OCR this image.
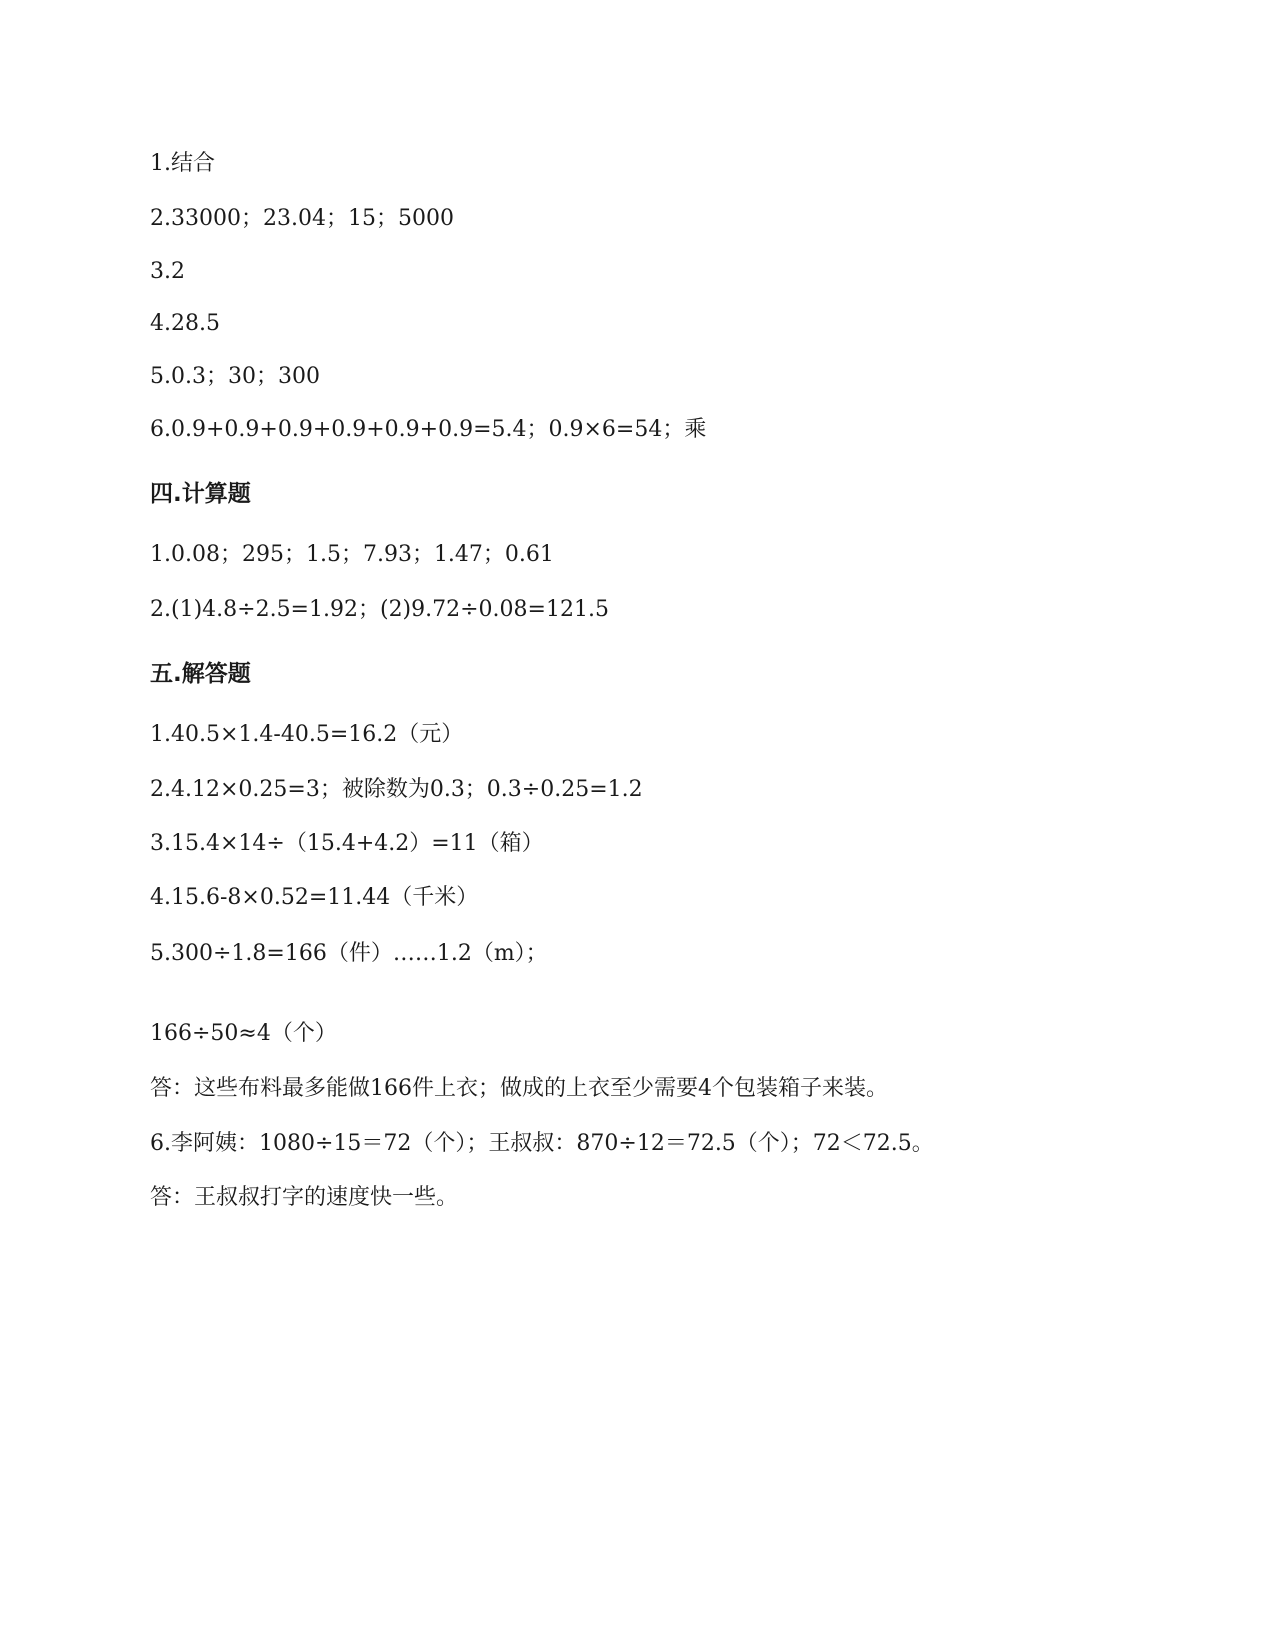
1.结合
2.33000；23.04；15；5000
3.2
4.28.5
5.0.3；30；300
6.0.9+0.9+0.9+0.9+0.9+0.9=5.4；0.9×6=54；乘
四.计算题
1.0.08；295；1.5；7.93；1.47；0.61
2.(1)4.8÷2.5=1.92；(2)9.72÷0.08=121.5
五.解答题
1.40.5×1.4-40.5=16.2（元）
2.4.12×0.25=3；被除数为0.3；0.3÷0.25=1.2
3.15.4×14÷（15.4+4.2）=11（箱）
4.15.6-8×0.52=11.44（千米）
5.300÷1.8=166（件）……1.2（m）；
166÷50≈4（个）
答：这些布料最多能做166件上衣；做成的上衣至少需要4个包装箱子来装。
6.李阿姨：1080÷15＝72（个）；王叔叔：870÷12＝72.5（个）；72＜72.5。
答：王叔叔打字的速度快一些。
